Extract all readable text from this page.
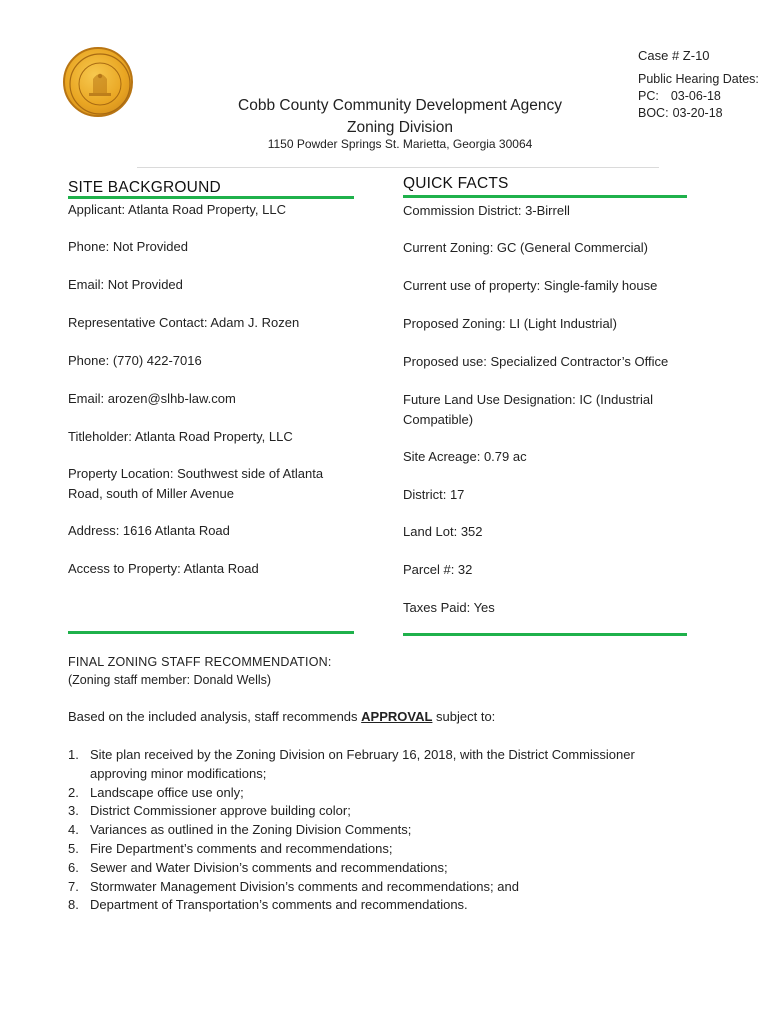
Cobb County Community Development Agency
Zoning Division
1150 Powder Springs St. Marietta, Georgia 30064
Case # Z-10
Public Hearing Dates:
PC: 03-06-18
BOC: 03-20-18
SITE BACKGROUND
Applicant: Atlanta Road Property, LLC
Phone: Not Provided
Email: Not Provided
Representative Contact: Adam J. Rozen
Phone: (770) 422-7016
Email: arozen@slhb-law.com
Titleholder: Atlanta Road Property, LLC
Property Location: Southwest side of Atlanta
Road, south of Miller Avenue
Address: 1616 Atlanta Road
Access to Property: Atlanta Road
QUICK FACTS
Commission District: 3-Birrell
Current Zoning: GC (General Commercial)
Current use of property: Single-family house
Proposed Zoning: LI (Light Industrial)
Proposed use: Specialized Contractor’s Office
Future Land Use Designation: IC (Industrial
Compatible)
Site Acreage: 0.79 ac
District: 17
Land Lot: 352
Parcel #: 32
Taxes Paid: Yes
FINAL ZONING STAFF RECOMMENDATION:
(Zoning staff member: Donald Wells)
Based on the included analysis, staff recommends APPROVAL subject to:
1. Site plan received by the Zoning Division on February 16, 2018, with the District Commissioner
approving minor modifications;
2. Landscape office use only;
3. District Commissioner approve building color;
4. Variances as outlined in the Zoning Division Comments;
5. Fire Department’s comments and recommendations;
6. Sewer and Water Division’s comments and recommendations;
7. Stormwater Management Division’s comments and recommendations; and
8. Department of Transportation’s comments and recommendations.
